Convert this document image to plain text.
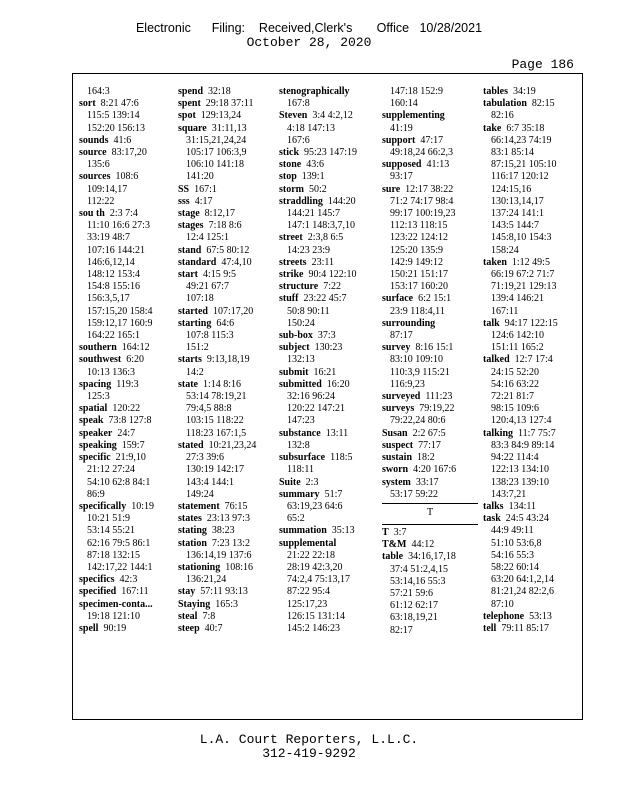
Electronic      Filing:    Received,Clerk's       Office   10/28/2021
October 28, 2020
Page 186
164:3
sort 8:21 47:6
115:5 139:14
152:20 156:13
sounds 41:6
source 83:17,20
135:6
sources 108:6
109:14,17
112:22
sou th 2:3 7:4
11:10 16:6 27:3
33:19 48:7
107:16 144:21
146:6,12,14
148:12 153:4
154:8 155:16
156:3,5,17
157:15,20 158:4
159:12,17 160:9
164:22 165:1
southern 164:12
southwest 6:20
10:13 136:3
spacing 119:3
125:3
spatial 120:22
speak 73:8 127:8
speaker 24:7
speaking 159:7
specific 21:9,10
21:12 27:24
54:10 62:8 84:1
86:9
specifically 10:19
10:21 51:9
53:14 55:21
62:16 79:5 86:1
87:18 132:15
142:17,22 144:1
specifics 42:3
specified 167:11
specimen-conta...
19:18 121:10
spell 90:19
spend 32:18
spent 29:18 37:11
spot 129:13,24
square 31:11,13
31:15,21,24,24
105:17 106:3,9
106:10 141:18
141:20
SS 167:1
sss 4:17
stage 8:12,17
stages 7:18 8:6
12:4 125:1
stand 67:5 80:12
standard 47:4,10
start 4:15 9:5
49:21 67:7
107:18
started 107:17,20
starting 64:6
107:8 115:3
151:2
starts 9:13,18,19
14:2
state 1:14 8:16
53:14 78:19,21
79:4,5 88:8
103:15 118:22
118:23 167:1,5
stated 10:21,23,24
27:3 39:6
130:19 142:17
143:4 144:1
149:24
statement 76:15
states 23:13 97:3
stating 38:23
station 7:23 13:2
136:14,19 137:6
stationing 108:16
136:21,24
stay 57:11 93:13
Staying 165:3
steal 7:8
steep 40:7
stenographically
167:8
Steven 3:4 4:2,12
4:18 147:13
167:6
stick 95:23 147:19
stone 43:6
stop 139:1
storm 50:2
straddling 144:20
144:21 145:7
147:1 148:3,7,10
street 2:3,8 6:5
14:23 23:9
streets 23:11
strike 90:4 122:10
structure 7:22
stuff 23:22 45:7
50:8 90:11
150:24
sub-box 37:3
subject 130:23
132:13
submit 16:21
submitted 16:20
32:16 96:24
120:22 147:21
147:23
substance 13:11
132:8
subsurface 118:5
118:11
Suite 2:3
summary 51:7
63:19,23 64:6
65:2
summation 35:13
supplemental
21:22 22:18
28:19 42:3,20
74:2,4 75:13,17
87:22 95:4
125:17,23
126:15 131:14
145:2 146:23
147:18 152:9
160:14
supplementing
41:19
support 47:17
49:18,24 66:2,3
supposed 41:13
93:17
sure 12:17 38:22
71:2 74:17 98:4
99:17 100:19,23
112:13 118:15
123:22 124:12
125:20 135:9
142:9 149:12
150:21 151:17
153:17 160:20
surface 6:2 15:1
23:9 118:4,11
surrounding
87:17
survey 8:16 15:1
83:10 109:10
110:3,9 115:21
116:9,23
surveyed 111:23
surveys 79:19,22
79:22,24 80:6
Susan 2:2 67:5
suspect 77:17
sustain 18:2
sworn 4:20 167:6
system 33:17
53:17 59:22
T
T 3:7
T&M 44:12
table 34:16,17,18
37:4 51:2,4,15
53:14,16 55:3
57:21 59:6
61:12 62:17
63:18,19,21
82:17
tables 34:19
tabulation 82:15
82:16
take 6:7 35:18
66:14,23 74:19
83:1 85:14
87:15,21 105:10
116:17 120:12
124:15,16
130:13,14,17
137:24 141:1
143:5 144:7
145:8,10 154:3
158:24
taken 1:12 49:5
66:19 67:2 71:7
71:19,21 129:13
139:4 146:21
167:11
talk 94:17 122:15
124:6 142:10
151:11 165:2
talked 12:7 17:4
24:15 52:20
54:16 63:22
72:21 81:7
98:15 109:6
120:4,13 127:4
talking 11:7 75:7
83:3 84:9 89:14
94:22 114:4
122:13 134:10
138:23 139:10
143:7,21
talks 134:11
task 24:5 43:24
44:9 49:11
51:10 53:6,8
54:16 55:3
58:22 60:14
63:20 64:1,2,14
81:21,24 82:2,6
87:10
telephone 53:13
tell 79:11 85:17
L.A. Court Reporters, L.L.C.
312-419-9292
